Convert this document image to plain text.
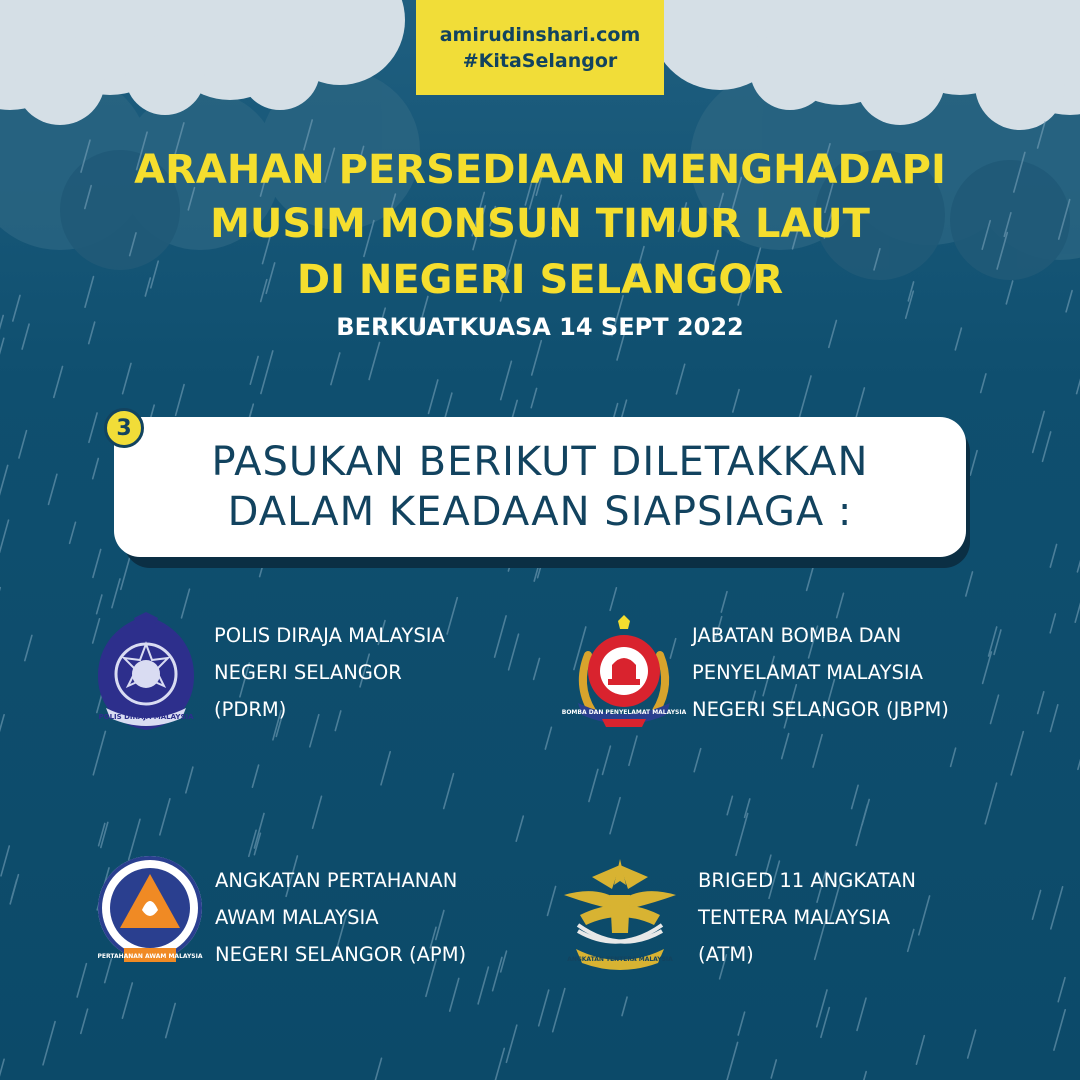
amirudinshari.com
#KitaSelangor
ARAHAN PERSEDIAAN MENGHADAPI
MUSIM MONSUN TIMUR LAUT
DI NEGERI SELANGOR
BERKUATKUASA 14 SEPT 2022
PASUKAN BERIKUT DILETAKKAN
DALAM KEADAAN SIAPSIAGA :
3
POLIS DIRAJA MALAYSIA
BOMBA DAN PENYELAMAT MALAYSIA
PERTAHANAN AWAM MALAYSIA	ANGKATAN TENTERA MALAYSIA
POLIS DIRAJA MALAYSIA
NEGERI SELANGOR
(PDRM)
JABATAN BOMBA DAN
PENYELAMAT MALAYSIA
NEGERI SELANGOR (JBPM)
ANGKATAN PERTAHANAN
AWAM MALAYSIA
NEGERI SELANGOR (APM)
BRIGED 11 ANGKATAN
TENTERA MALAYSIA
(ATM)
